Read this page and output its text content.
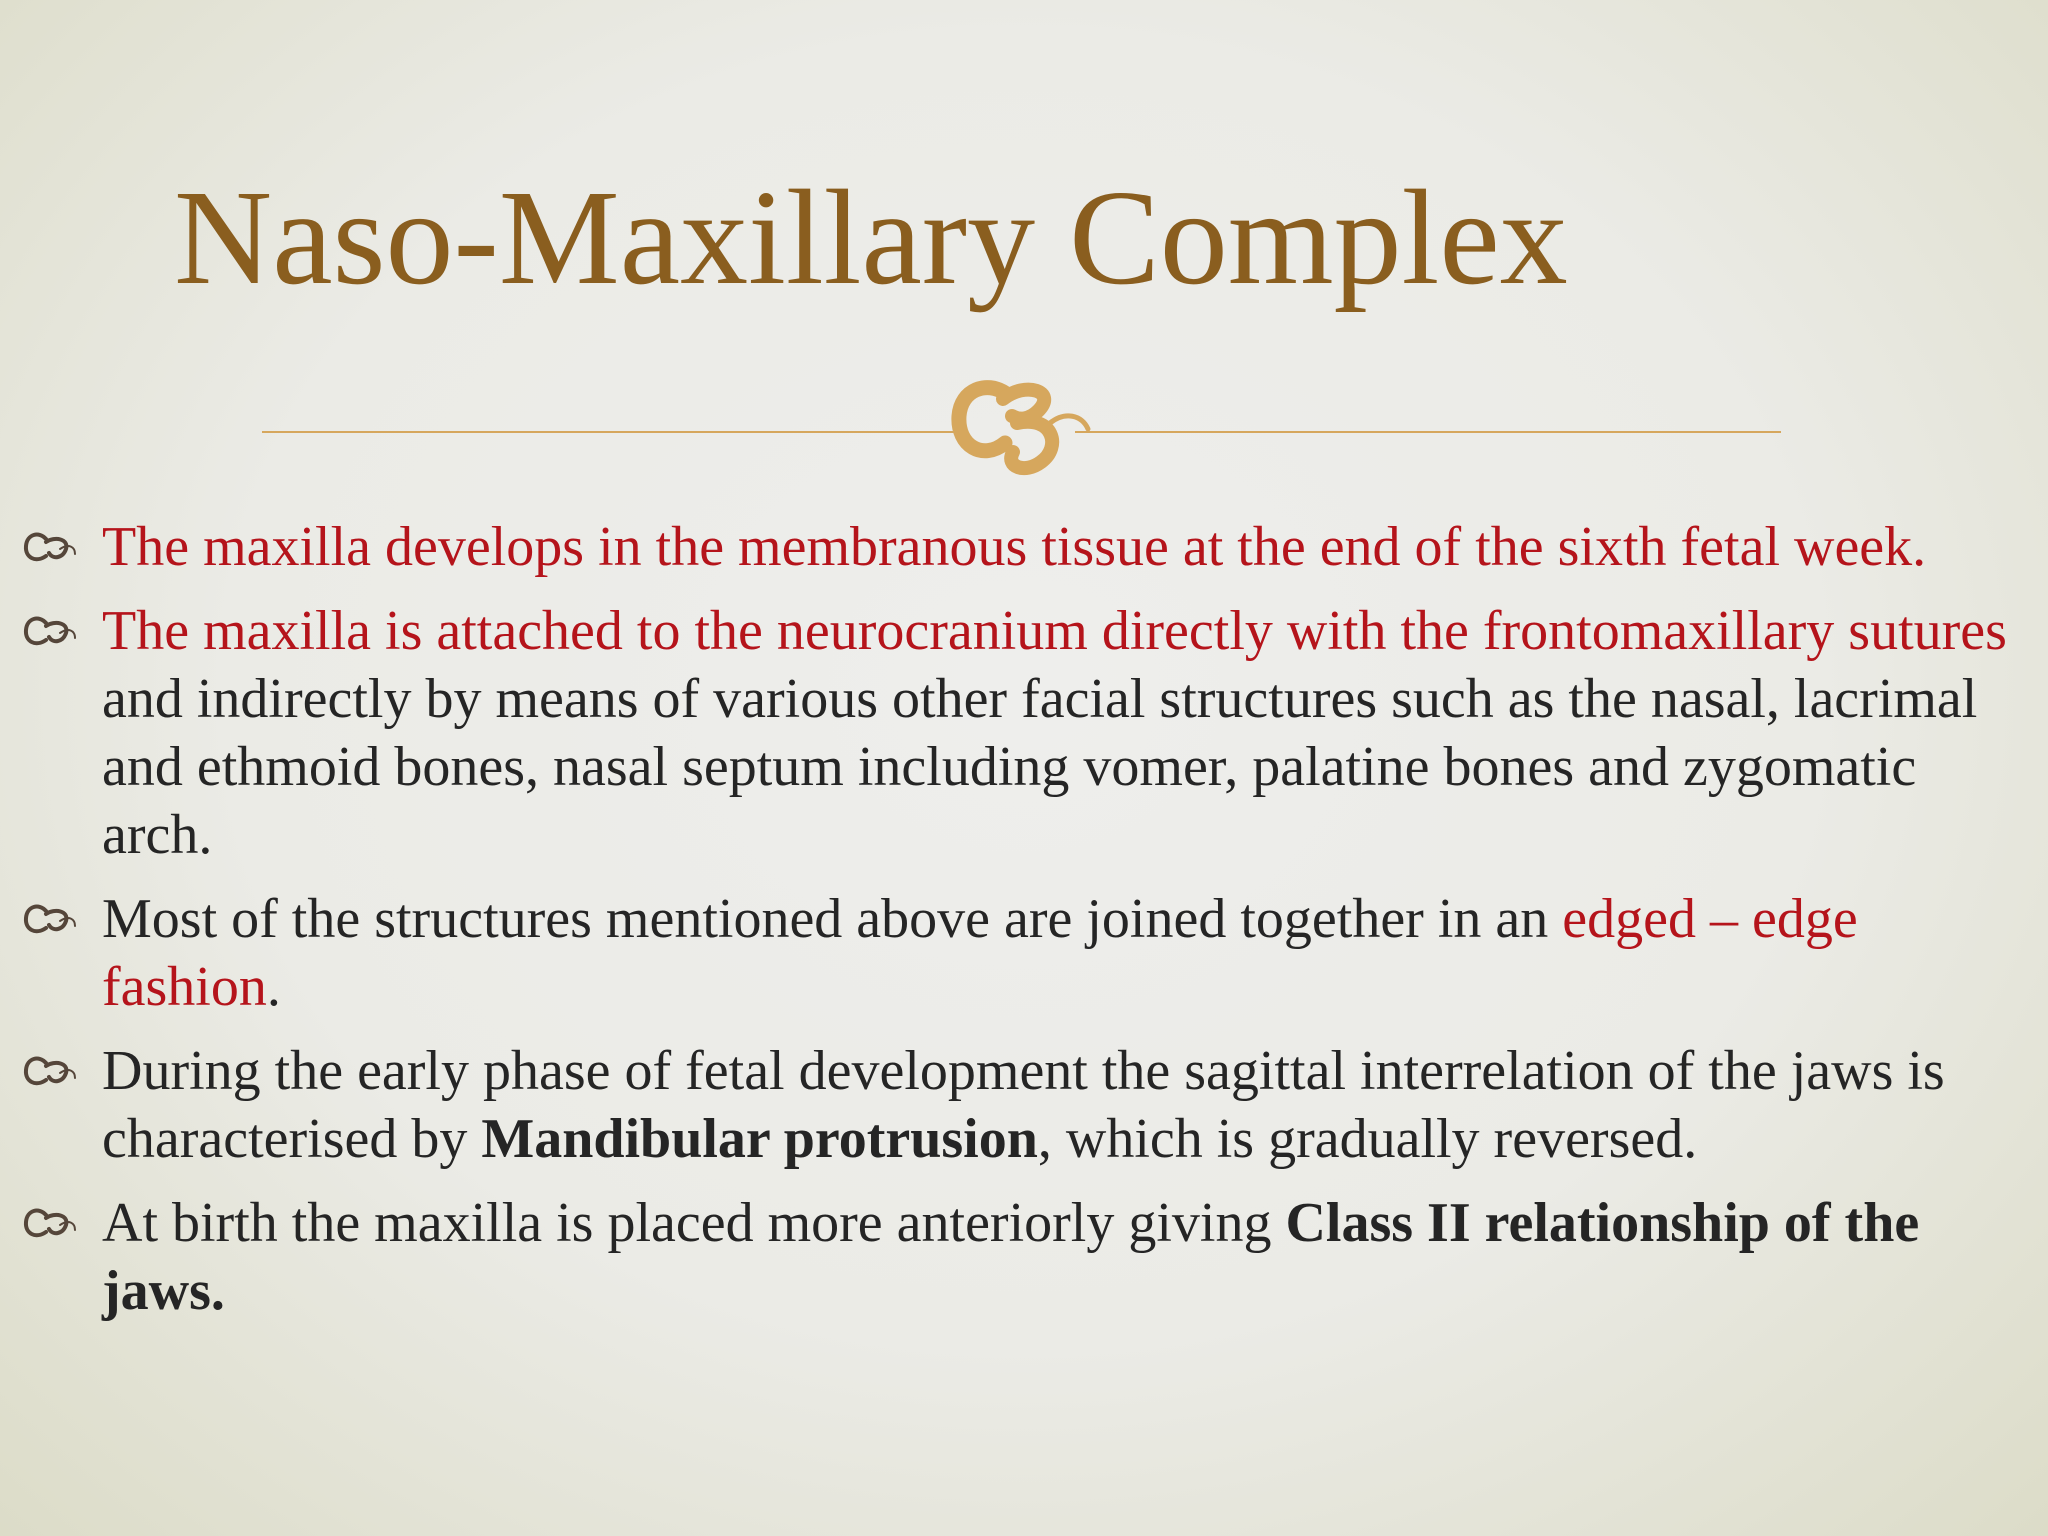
Naso-Maxillary Complex
The maxilla develops in the membranous tissue at the end of the sixth fetal week.
The maxilla is attached to the neurocranium directly with the frontomaxillary sutures and indirectly by means of various other facial structures such as the nasal, lacrimal and ethmoid bones, nasal septum including vomer, palatine bones and zygomatic arch.
Most of the structures mentioned above are joined together in an edged – edge fashion.
During the early phase of fetal development the sagittal interrelation of the jaws is characterised by Mandibular protrusion, which is gradually reversed.
At birth the maxilla is placed more anteriorly giving Class II relationship of the jaws.
